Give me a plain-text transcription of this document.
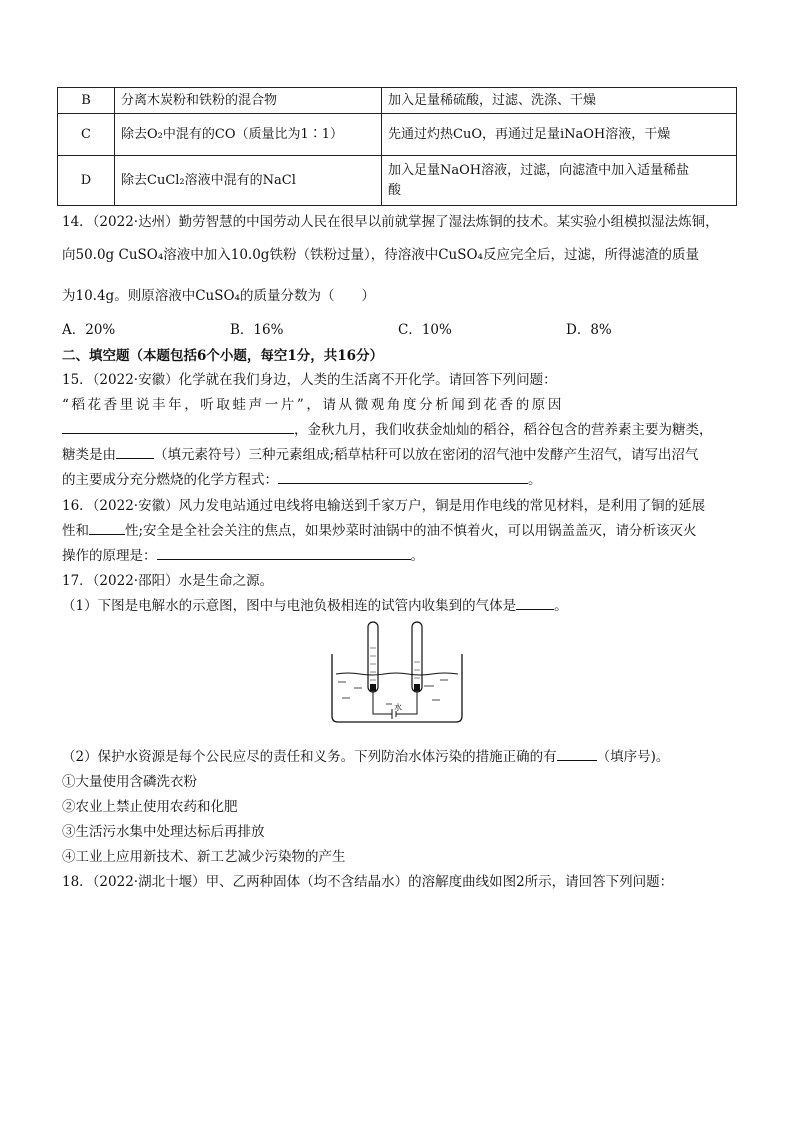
B	分离木炭粉和铁粉的混合物	加入足量稀硫酸，过滤、洗涤、干燥
C	除去O₂中混有的CO（质量比为1∶1）	先通过灼热CuO，再通过足量iNaOH溶液，干燥
D	除去CuCl₂溶液中混有的NaCl	加入足量NaOH溶液，过滤，向滤渣中加入适量稀盐
酸
14．（2022·达州）勤劳智慧的中国劳动人民在很早以前就掌握了湿法炼铜的技术。某实验小组模拟湿法炼铜，
向50.0g CuSO₄溶液中加入10.0g铁粉（铁粉过量），待溶液中CuSO₄反应完全后，过滤，所得滤渣的质量
为10.4g。则原溶液中CuSO₄的质量分数为（　　）
A．20%	B．16%	C．10%	D．8%
二、填空题（本题包括6个小题，每空1分，共16分）
15．（2022·安徽）化学就在我们身边，人类的生活离不开化学。请回答下列问题：
“稻花香里说丰年，听取蛙声一片”，请从微观角度分析闻到花香的原因
，金秋九月，我们收获金灿灿的稻谷，稻谷包含的营养素主要为糖类，
糖类是由	（填元素符号）三种元素组成;稻草枯秆可以放在密闭的沼气池中发酵产生沼气，请写出沼气
的主要成分充分燃烧的化学方程式：	。
16．（2022·安徽）风力发电站通过电线将电输送到千家万户，铜是用作电线的常见材料，是利用了铜的延展
性和	性;安全是全社会关注的焦点，如果炒菜时油锅中的油不慎着火，可以用锅盖盖灭，请分析该灭火
操作的原理是：	。
17．（2022·邵阳）水是生命之源。
（1）下图是电解水的示意图，图中与电池负极相连的试管内收集到的气体是	。
水
（2）保护水资源是每个公民应尽的责任和义务。下列防治水体污染的措施正确的有	（填序号)。
①大量使用含磷洗衣粉
②农业上禁止使用农药和化肥
③生活污水集中处理达标后再排放
④工业上应用新技术、新工艺减少污染物的产生
18．（2022·湖北十堰）甲、乙两种固体（均不含结晶水）的溶解度曲线如图2所示，请回答下列问题：
